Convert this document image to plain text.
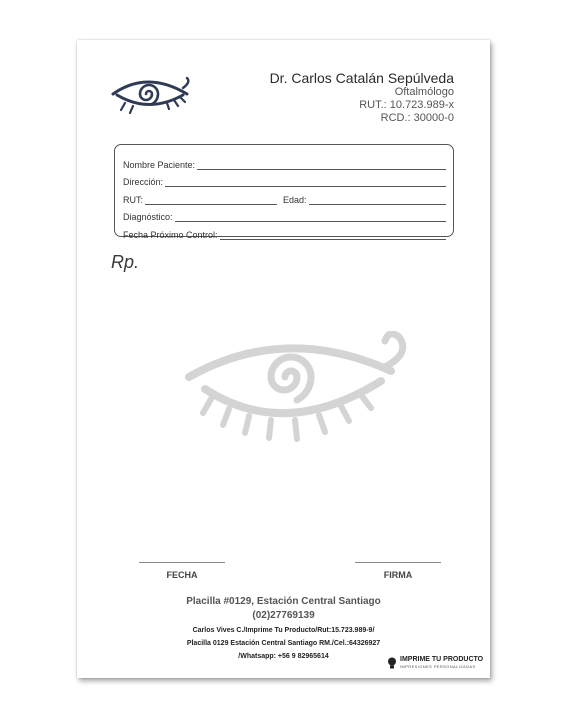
Dr. Carlos Catalán Sepúlveda
Oftalmólogo
RUT.: 10.723.989-x
RCD.: 30000-0
Nombre Paciente:
Dirección:
RUT:	Edad:
Diagnóstico:
Fecha Próximo Control:
Rp.
FECHA	FIRMA
Placilla #0129, Estación Central Santiago
(02)27769139
Carlos Vives C./Imprime Tu Producto/Rut:15.723.989-9/
Placilla 0129 Estación Central Santiago RM./Cel.:64326927
/Whatsapp: +56 9 82965614	IMPRIME TU PRODUCTO
IMPRESIONES PERSONALIZADAS
